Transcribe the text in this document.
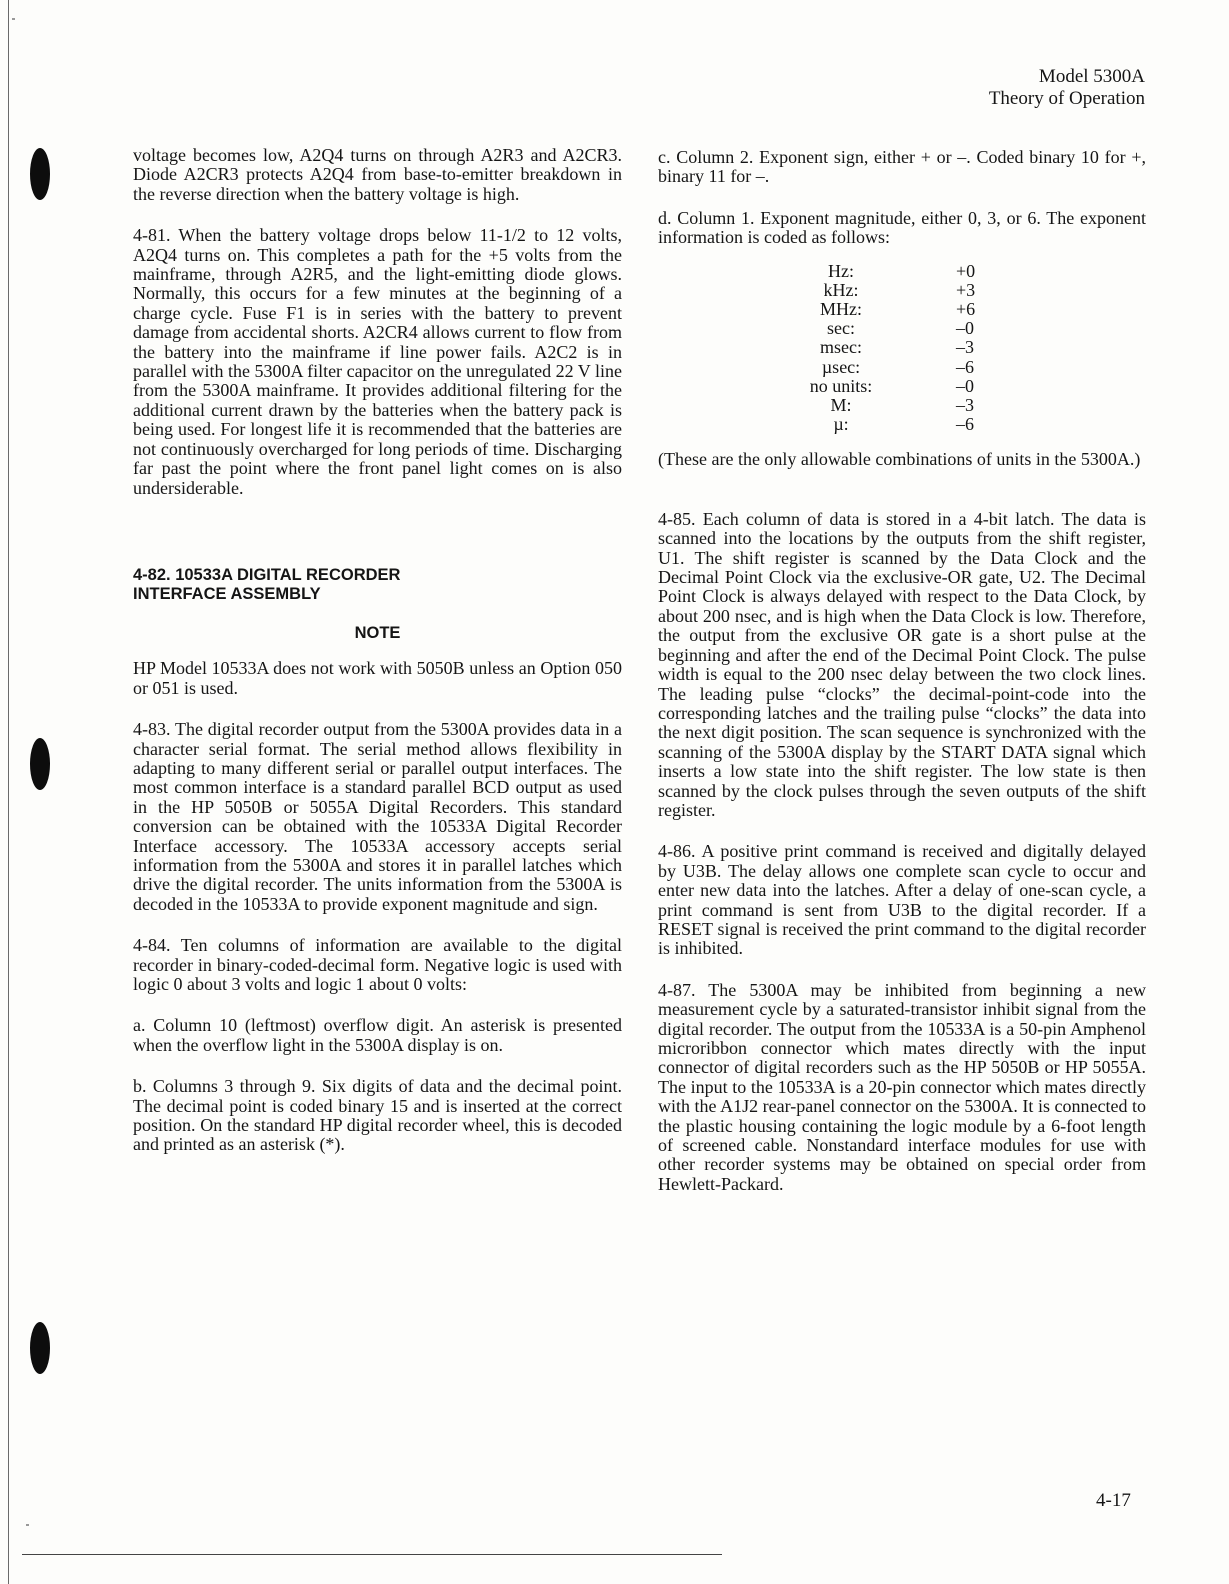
Model 5300A
Theory of Operation

voltage becomes low, A2Q4 turns on through A2R3 and A2CR3. Diode A2CR3 protects A2Q4 from base-to-emitter breakdown in the reverse direction when the battery voltage is high.

4-81. When the battery voltage drops below 11-1/2 to 12 volts, A2Q4 turns on. This completes a path for the +5 volts from the mainframe, through A2R5, and the light-emitting diode glows. Normally, this occurs for a few minutes at the beginning of a charge cycle. Fuse F1 is in series with the battery to prevent damage from accidental shorts. A2CR4 allows current to flow from the battery into the mainframe if line power fails. A2C2 is in parallel with the 5300A filter capacitor on the unregulated 22 V line from the 5300A mainframe. It provides additional filtering for the additional current drawn by the batteries when the battery pack is being used. For longest life it is recommended that the batteries are not continuously overcharged for long periods of time. Discharging far past the point where the front panel light comes on is also undersiderable.

4-82. 10533A DIGITAL RECORDER
INTERFACE ASSEMBLY
NOTE

HP Model 10533A does not work with 5050B unless an Option 050 or 051 is used.

4-83. The digital recorder output from the 5300A provides data in a character serial format. The serial method allows flexibility in adapting to many different serial or parallel output interfaces. The most common interface is a standard parallel BCD output as used in the HP 5050B or 5055A Digital Recorders. This standard conversion can be obtained with the 10533A Digital Recorder Interface accessory. The 10533A accessory accepts serial information from the 5300A and stores it in parallel latches which drive the digital recorder. The units information from the 5300A is decoded in the 10533A to provide exponent magnitude and sign.

4-84. Ten columns of information are available to the digital recorder in binary-coded-decimal form. Negative logic is used with logic 0 about 3 volts and logic 1 about 0 volts:

a. Column 10 (leftmost) overflow digit. An asterisk is presented when the overflow light in the 5300A display is on.

b. Columns 3 through 9. Six digits of data and the decimal point. The decimal point is coded binary 15 and is inserted at the correct position. On the standard HP digital recorder wheel, this is decoded and printed as an asterisk (*).

c. Column 2. Exponent sign, either + or –. Coded binary 10 for +, binary 11 for –.

d. Column 1. Exponent magnitude, either 0, 3, or 6. The exponent information is coded as follows:

Hz:	+0
kHz:	+3
MHz:	+6
sec:	–0
msec:	–3
µsec:	–6
no units:	–0
M:	–3
µ:	–6

(These are the only allowable combinations of units in the 5300A.)

4-85. Each column of data is stored in a 4-bit latch. The data is scanned into the locations by the outputs from the shift register, U1. The shift register is scanned by the Data Clock and the Decimal Point Clock via the exclusive-OR gate, U2. The Decimal Point Clock is always delayed with respect to the Data Clock, by about 200 nsec, and is high when the Data Clock is low. Therefore, the output from the exclusive OR gate is a short pulse at the beginning and after the end of the Decimal Point Clock. The pulse width is equal to the 200 nsec delay between the two clock lines. The leading pulse “clocks” the decimal-point-code into the corresponding latches and the trailing pulse “clocks” the data into the next digit position. The scan sequence is synchronized with the scanning of the 5300A display by the START DATA signal which inserts a low state into the shift register. The low state is then scanned by the clock pulses through the seven outputs of the shift register.

4-86. A positive print command is received and digitally delayed by U3B. The delay allows one complete scan cycle to occur and enter new data into the latches. After a delay of one-scan cycle, a print command is sent from U3B to the digital recorder. If a RESET signal is received the print command to the digital recorder is inhibited.

4-87. The 5300A may be inhibited from beginning a new measurement cycle by a saturated-transistor inhibit signal from the digital recorder. The output from the 10533A is a 50-pin Amphenol microribbon connector which mates directly with the input connector of digital recorders such as the HP 5050B or HP 5055A. The input to the 10533A is a 20-pin connector which mates directly with the A1J2 rear-panel connector on the 5300A. It is connected to the plastic housing containing the logic module by a 6-foot length of screened cable. Nonstandard interface modules for use with other recorder systems may be obtained on special order from Hewlett-Packard.

4-17
